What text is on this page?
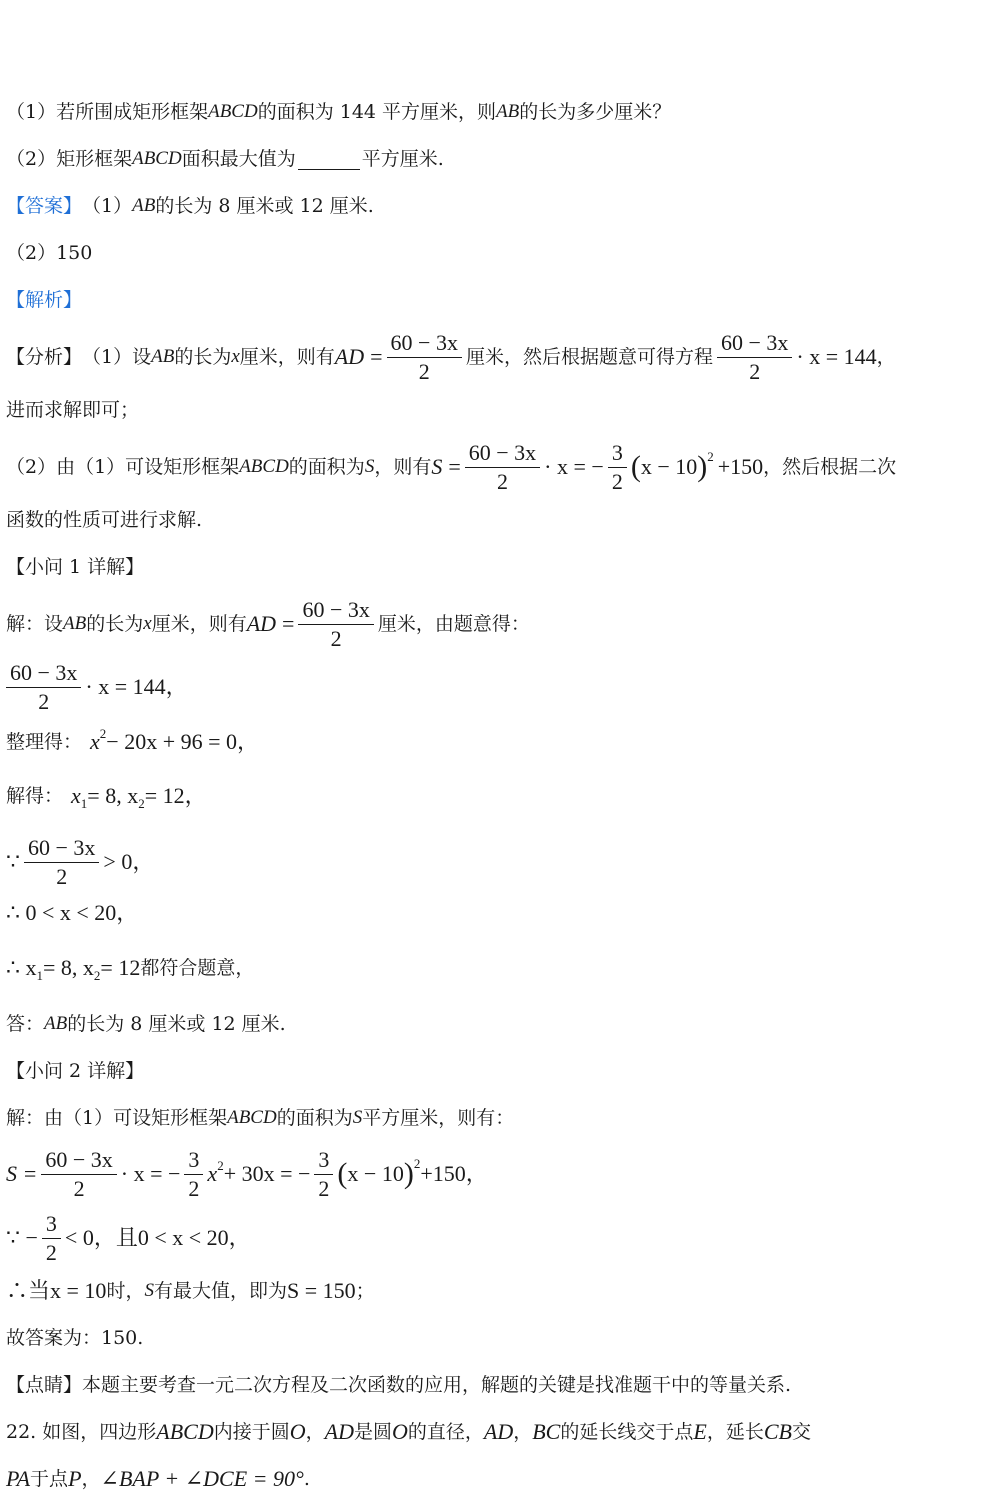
（1）若所围成矩形框架 ABCD 的面积为 144 平方厘米，则 AB 的长为多少厘米？
（2）矩形框架 ABCD 面积最大值为	平方厘米.
【答案】 （1） AB 的长为 8 厘米或 12 厘米.
（2）150
【解析】
【分析】 （1）设 AB 的长为 x 厘米，则有 AD = $\frac{60 - 3x}{2}$ 厘米，然后根据题意可得方程 $\frac{60 - 3x}{2} \cdot x = 144$ ，
进而求解即可；
（2）由（1）可设矩形框架 ABCD 的面积为 S ，则有 $S = \frac{60 - 3x}{2} \cdot x$ = − $\frac{3}{2}$ ( x − 10 )$^2$ +150 ，然后根据二次
函数的性质可进行求解.
【小问 1 详解】
解：设 AB 的长为 x 厘米，则有 AD = $\frac{60 - 3x}{2}$ 厘米，由题意得：
$\frac{60 - 3x}{2} \cdot x = 144$，
整理得： $x^2 - 20x + 96 = 0$，
解得： $x_1 = 8$, $x_2 = 12$，
∵ $\frac{60 - 3x}{2} > 0$，
∴ 0 < x < 20，
∴ $x_1 = 8$, $x_2 = 12$ 都符合题意，
答： AB 的长为 8 厘米或 12 厘米.
【小问 2 详解】
解：由（1）可设矩形框架 ABCD 的面积为 S 平方厘米，则有：
$S = \frac{60 - 3x}{2} \cdot x$ = − $\frac{3}{2} x^2 + 30x$ = − $\frac{3}{2}$ ( x − 10 )$^2$ +150，
∵ − $\frac{3}{2} < 0$，且 0 < x < 20，
∴当 x = 10 时， S 有最大值，即为 S = 150 ；
故答案为：150.
【点睛】 本题主要考查一元二次方程及二次函数的应用，解题的关键是找准题干中的等量关系.
22. 如图，四边形 ABCD 内接于圆 O ， AD 是圆 O 的直径， AD ， BC 的延长线交于点 E ，延长 CB 交
PA 于点 P ， ∠BAP + ∠DCE = 90° .
